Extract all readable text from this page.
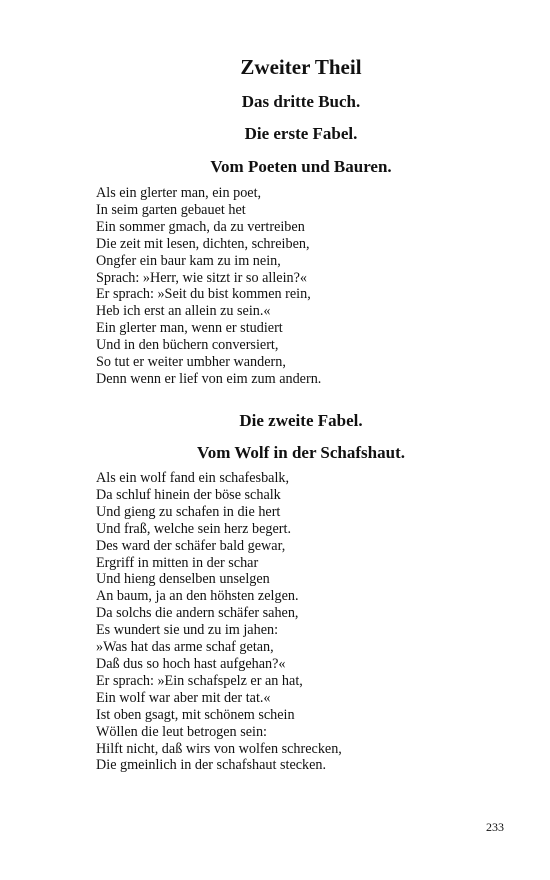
Zweiter Theil
Das dritte Buch.
Die erste Fabel.
Vom Poeten und Bauren.
Als ein glerter man, ein poet,
In seim garten gebauet het
Ein sommer gmach, da zu vertreiben
Die zeit mit lesen, dichten, schreiben,
Ongfer ein baur kam zu im nein,
Sprach: »Herr, wie sitzt ir so allein?«
Er sprach: »Seit du bist kommen rein,
Heb ich erst an allein zu sein.«
Ein glerter man, wenn er studiert
Und in den büchern conversiert,
So tut er weiter umbher wandern,
Denn wenn er lief von eim zum andern.
Die zweite Fabel.
Vom Wolf in der Schafshaut.
Als ein wolf fand ein schafesbalk,
Da schluf hinein der böse schalk
Und gieng zu schafen in die hert
Und fraß, welche sein herz begert.
Des ward der schäfer bald gewar,
Ergriff in mitten in der schar
Und hieng denselben unselgen
An baum, ja an den höhsten zelgen.
Da solchs die andern schäfer sahen,
Es wundert sie und zu im jahen:
»Was hat das arme schaf getan,
Daß dus so hoch hast aufgehan?«
Er sprach: »Ein schafspelz er an hat,
Ein wolf war aber mit der tat.«
Ist oben gsagt, mit schönem schein
Wöllen die leut betrogen sein:
Hilft nicht, daß wirs von wolfen schrecken,
Die gmeinlich in der schafshaut stecken.
233
